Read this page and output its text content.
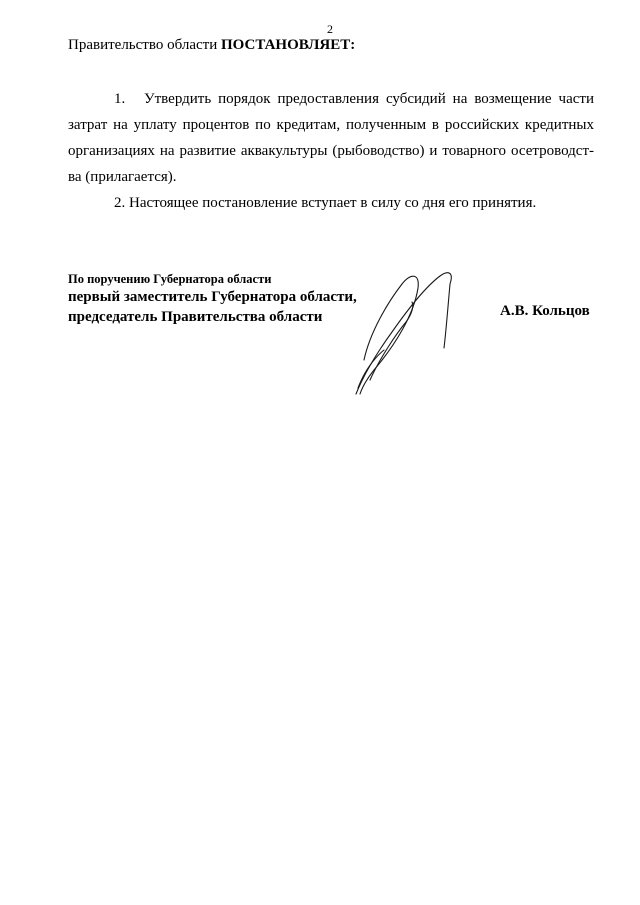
2
Правительство области ПОСТАНОВЛЯЕТ:
1. Утвердить порядок предоставления субсидий на возмещение части затрат на уплату процентов по кредитам, полученным в российских кредитных организациях на развитие аквакультуры (рыбоводство) и товарного осетроводст-ва (прилагается).
2. Настоящее постановление вступает в силу со дня его принятия.
По поручению Губернатора области
первый заместитель Губернатора области,
председатель Правительства области	А.В. Кольцов
